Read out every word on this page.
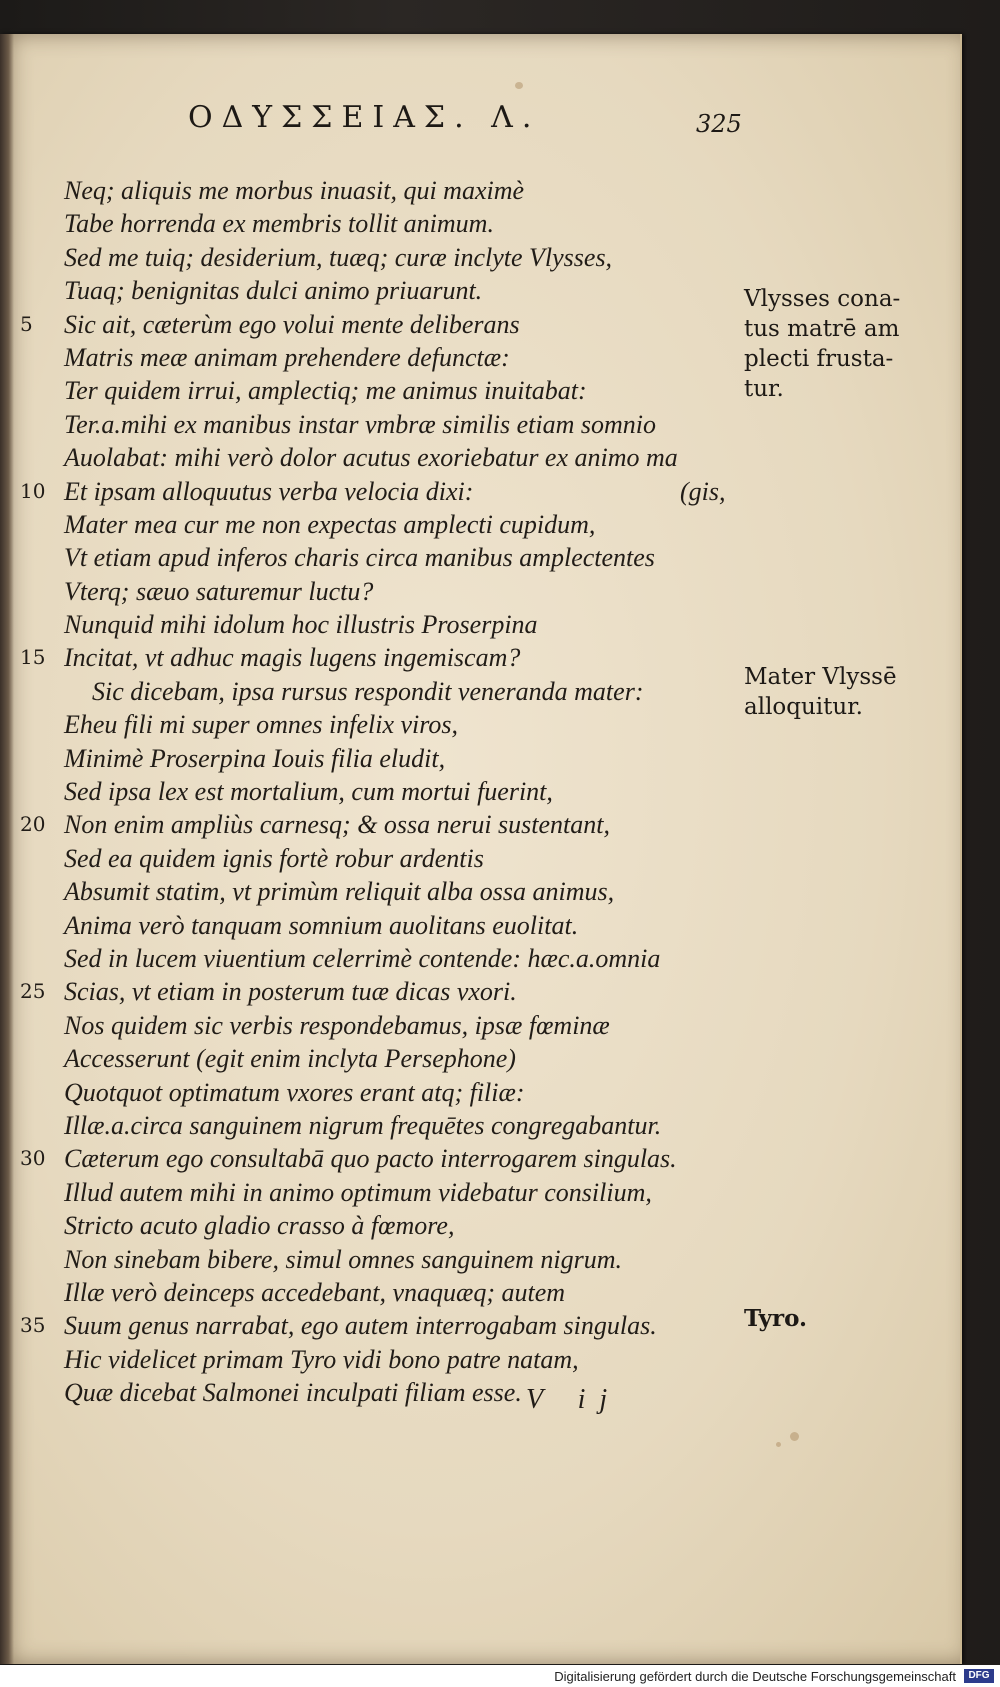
ΟΔΥΣΣΕΙΑΣ. Λ.	325
Neq; aliquis me morbus inuasit, qui maximè
Tabe horrenda ex membris tollit animum.
Sed me tuiq; desiderium, tuæq; curæ inclyte Vlysses,
Tuaq; benignitas dulci animo priuarunt.
5	Sic ait, cæterùm ego volui mente deliberans
Matris meæ animam prehendere defunctæ:
Ter quidem irrui, amplectiq; me animus inuitabat:
Ter.a.mihi ex manibus instar vmbræ similis etiam somnio
Auolabat: mihi verò dolor acutus exoriebatur ex animo ma
10 Et ipsam alloquutus verba velocia dixi:	(gis,
Mater mea cur me non expectas amplecti cupidum,
Vt etiam apud inferos charis circa manibus amplectentes
Vterq; sæuo saturemur luctu?
Nunquid mihi idolum hoc illustris Proserpina
15 Incitat, vt adhuc magis lugens ingemiscam?
Sic dicebam, ipsa rursus respondit veneranda mater:
Eheu fili mi super omnes infelix viros,
Minimè Proserpina Iouis filia eludit,
Sed ipsa lex est mortalium, cum mortui fuerint,
20 Non enim ampliùs carnesq; & ossa nerui sustentant,
Sed ea quidem ignis fortè robur ardentis
Absumit statim, vt primùm reliquit alba ossa animus,
Anima verò tanquam somnium auolitans euolitat.
Sed in lucem viuentium celerrimè contende: hæc.a.omnia
25 Scias, vt etiam in posterum tuæ dicas vxori.
Nos quidem sic verbis respondebamus, ipsæ fœminæ
Accesserunt (egit enim inclyta Persephone)
Quotquot optimatum vxores erant atq; filiæ:
Illæ.a.circa sanguinem nigrum frequētes congregabantur.
30 Cæterum ego consultabā quo pacto interrogarem singulas.
Illud autem mihi in animo optimum videbatur consilium,
Stricto acuto gladio crasso à fœmore,
Non sinebam bibere, simul omnes sanguinem nigrum.
Illæ verò deinceps accedebant, vnaquæq; autem
35 Suum genus narrabat, ego autem interrogabam singulas.
Hic videlicet primam Tyro vidi bono patre natam,
Quæ dicebat Salmonei inculpati filiam esse.
Vlysses cona-
tus matrē am
plecti frusta-
tur.
Mater Vlyssē
alloquitur.
Tyro.
V ij
Digitalisierung gefördert durch die Deutsche Forschungsgemeinschaft	DFG
